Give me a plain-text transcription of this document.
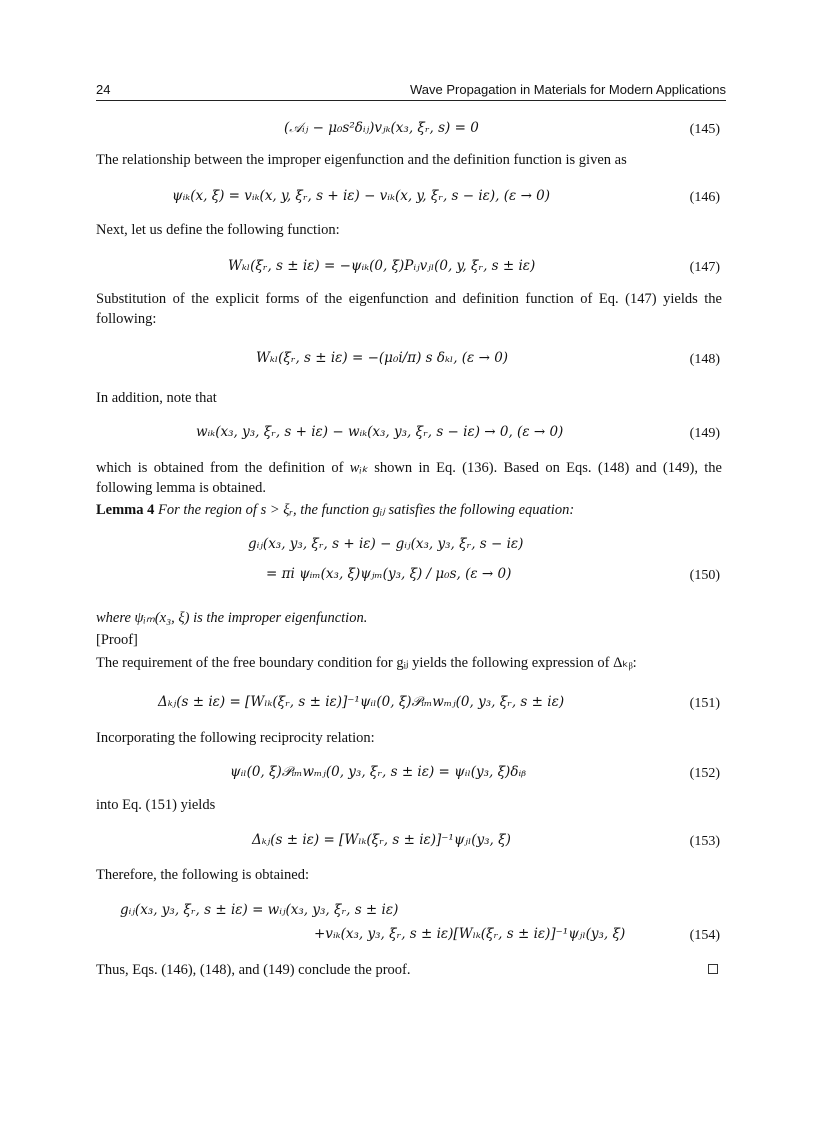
24	Wave Propagation in Materials for Modern Applications
(𝒜ᵢⱼ − μ₀s²δᵢⱼ)vⱼₖ(x₃, ξᵣ, s) = 0	(145)
The relationship between the improper eigenfunction and the definition function is given as
ψᵢₖ(x, ξ) = vᵢₖ(x, y, ξᵣ, s + iε) − vᵢₖ(x, y, ξᵣ, s − iε), (ε → 0)	(146)
Next, let us define the following function:
Wₖₗ(ξᵣ, s ± iε) = −ψᵢₖ(0, ξ)Pᵢⱼvⱼₗ(0, y, ξᵣ, s ± iε)	(147)
Substitution of the explicit forms of the eigenfunction and definition function of Eq. (147) yields the following:
Wₖₗ(ξᵣ, s ± iε) = −(μ₀i/π) s δₖₗ, (ε → 0)	(148)
In addition, note that
wᵢₖ(x₃, y₃, ξᵣ, s + iε) − wᵢₖ(x₃, y₃, ξᵣ, s − iε) → 0, (ε → 0)	(149)
which is obtained from the definition of wᵢₖ shown in Eq. (136). Based on Eqs. (148) and (149), the following lemma is obtained.
Lemma 4 For the region of s > ξᵣ, the function gᵢⱼ satisfies the following equation:
gᵢⱼ(x₃, y₃, ξᵣ, s + iε) − gᵢⱼ(x₃, y₃, ξᵣ, s − iε)
= πi ψᵢₘ(x₃, ξ)ψⱼₘ(y₃, ξ) / μ₀s, (ε → 0)	(150)
where ψᵢₘ(x₃, ξ) is the improper eigenfunction.
[Proof]
The requirement of the free boundary condition for gᵢⱼ yields the following expression of Δₖᵦ:
Δₖⱼ(s ± iε) = [Wₗₖ(ξᵣ, s ± iε)]⁻¹ψᵢₗ(0, ξ)𝒫ᵢₘwₘⱼ(0, y₃, ξᵣ, s ± iε)	(151)
Incorporating the following reciprocity relation:
ψᵢₗ(0, ξ)𝒫ᵢₘwₘⱼ(0, y₃, ξᵣ, s ± iε) = ψᵢₗ(y₃, ξ)δᵢᵦ	(152)
into Eq. (151) yields
Δₖⱼ(s ± iε) = [Wₗₖ(ξᵣ, s ± iε)]⁻¹ψⱼₗ(y₃, ξ)	(153)
Therefore, the following is obtained:
gᵢⱼ(x₃, y₃, ξᵣ, s ± iε) = wᵢⱼ(x₃, y₃, ξᵣ, s ± iε)
+vᵢₖ(x₃, y₃, ξᵣ, s ± iε)[Wₗₖ(ξᵣ, s ± iε)]⁻¹ψⱼₗ(y₃, ξ)	(154)
Thus, Eqs. (146), (148), and (149) conclude the proof.
